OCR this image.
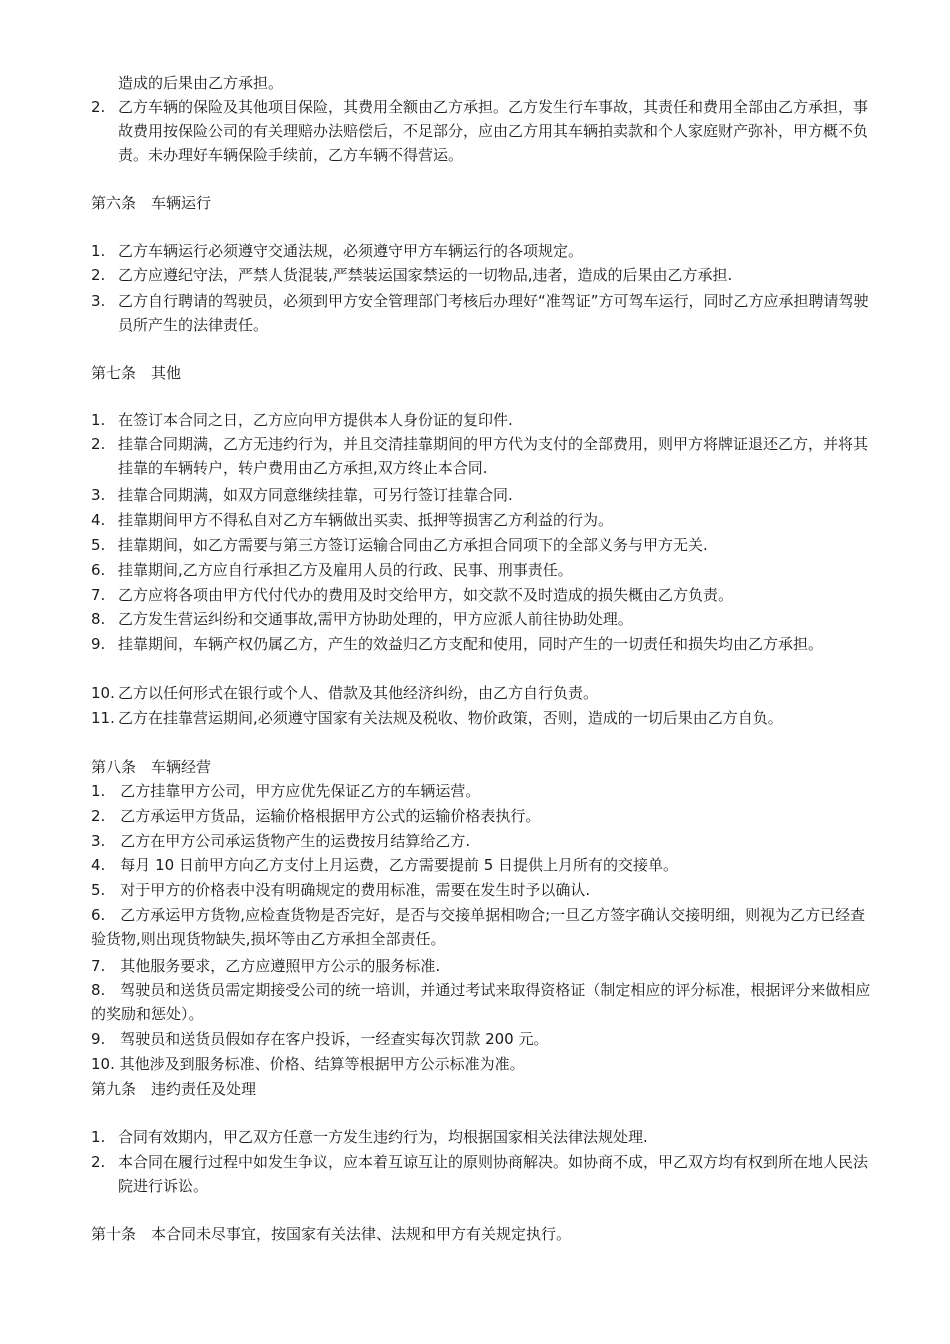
造成的后果由乙方承担。
2. 乙方车辆的保险及其他项目保险，其费用全额由乙方承担。乙方发生行车事故，其责任和费用全部由乙方承担，事故费用按保险公司的有关理赔办法赔偿后，不足部分，应由乙方用其车辆拍卖款和个人家庭财产弥补，甲方概不负责。未办理好车辆保险手续前，乙方车辆不得营运。
第六条　车辆运行
1. 乙方车辆运行必须遵守交通法规，必须遵守甲方车辆运行的各项规定。
2. 乙方应遵纪守法，严禁人货混装,严禁装运国家禁运的一切物品,违者，造成的后果由乙方承担.
3. 乙方自行聘请的驾驶员，必须到甲方安全管理部门考核后办理好“准驾证”方可驾车运行，同时乙方应承担聘请驾驶员所产生的法律责任。
第七条　其他
1. 在签订本合同之日，乙方应向甲方提供本人身份证的复印件.
2. 挂靠合同期满，乙方无违约行为，并且交清挂靠期间的甲方代为支付的全部费用，则甲方将牌证退还乙方，并将其挂靠的车辆转户，转户费用由乙方承担,双方终止本合同.
3. 挂靠合同期满，如双方同意继续挂靠，可另行签订挂靠合同.
4. 挂靠期间甲方不得私自对乙方车辆做出买卖、抵押等损害乙方利益的行为。
5. 挂靠期间，如乙方需要与第三方签订运输合同由乙方承担合同项下的全部义务与甲方无关.
6. 挂靠期间,乙方应自行承担乙方及雇用人员的行政、民事、刑事责任。
7. 乙方应将各项由甲方代付代办的费用及时交给甲方，如交款不及时造成的损失概由乙方负责。
8. 乙方发生营运纠纷和交通事故,需甲方协助处理的，甲方应派人前往协助处理。
9. 挂靠期间，车辆产权仍属乙方，产生的效益归乙方支配和使用，同时产生的一切责任和损失均由乙方承担。
10. 乙方以任何形式在银行或个人、借款及其他经济纠纷，由乙方自行负责。
11. 乙方在挂靠营运期间,必须遵守国家有关法规及税收、物价政策，否则，造成的一切后果由乙方自负。
第八条　车辆经营
1.　乙方挂靠甲方公司，甲方应优先保证乙方的车辆运营。
2.　乙方承运甲方货品，运输价格根据甲方公式的运输价格表执行。
3.　乙方在甲方公司承运货物产生的运费按月结算给乙方.
4.　每月 10 日前甲方向乙方支付上月运费，乙方需要提前 5 日提供上月所有的交接单。
5.　对于甲方的价格表中没有明确规定的费用标准，需要在发生时予以确认.
6.　乙方承运甲方货物,应检查货物是否完好，是否与交接单据相吻合;一旦乙方签字确认交接明细，则视为乙方已经查验货物,则出现货物缺失,损坏等由乙方承担全部责任。
7.　其他服务要求，乙方应遵照甲方公示的服务标准.
8.　驾驶员和送货员需定期接受公司的统一培训，并通过考试来取得资格证（制定相应的评分标准，根据评分来做相应的奖励和惩处）。
9.　驾驶员和送货员假如存在客户投诉，一经查实每次罚款 200 元。
10. 其他涉及到服务标准、价格、结算等根据甲方公示标准为准。
第九条　违约责任及处理
1. 合同有效期内，甲乙双方任意一方发生违约行为，均根据国家相关法律法规处理.
2. 本合同在履行过程中如发生争议，应本着互谅互让的原则协商解决。如协商不成，甲乙双方均有权到所在地人民法院进行诉讼。
第十条　本合同未尽事宜，按国家有关法律、法规和甲方有关规定执行。
